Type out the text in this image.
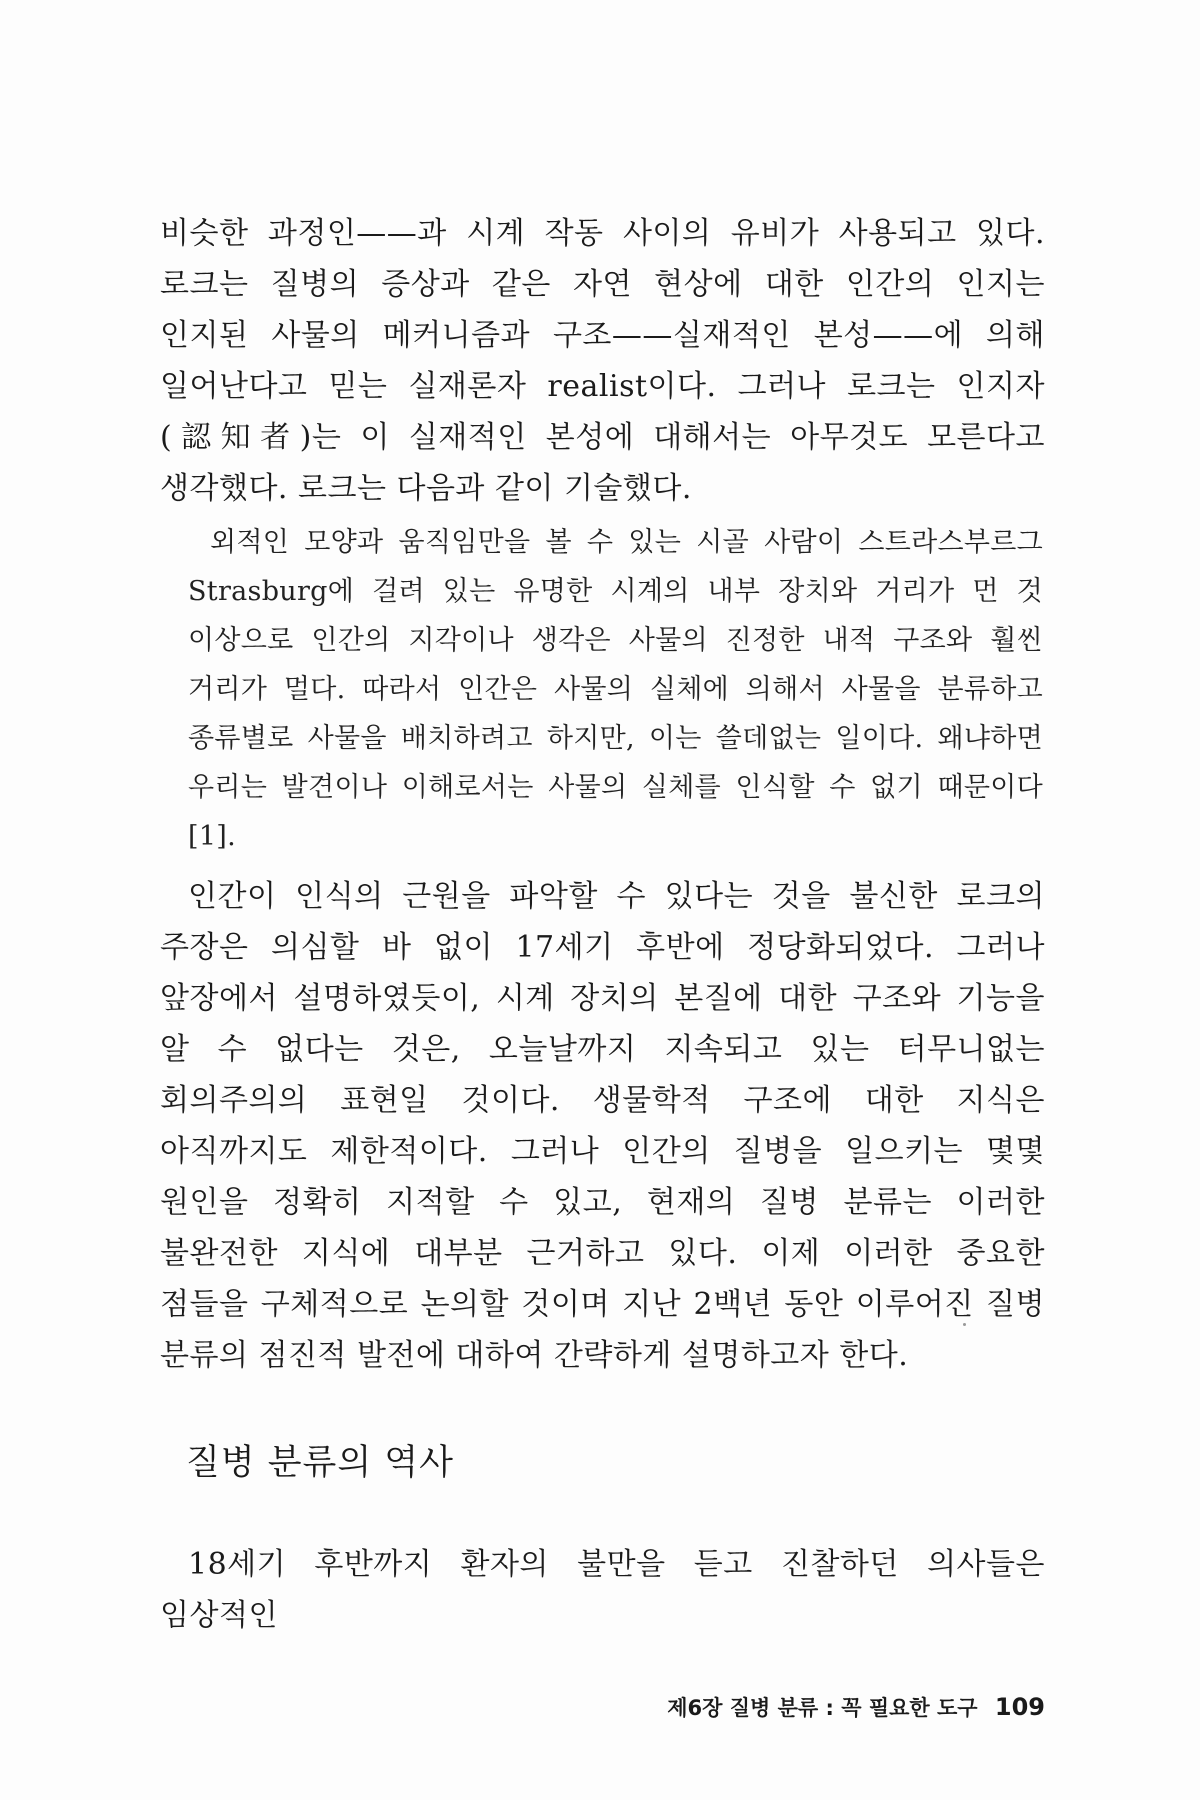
비슷한 과정인——과 시계 작동 사이의 유비가 사용되고 있다. 로크는 질병의 증상과 같은 자연 현상에 대한 인간의 인지는 인지된 사물의 메커니즘과 구조——실재적인 본성——에 의해 일어난다고 믿는 실재론자 realist이다. 그러나 로크는 인지자(認知者)는 이 실재적인 본성에 대해서는 아무것도 모른다고 생각했다. 로크는 다음과 같이 기술했다.

외적인 모양과 움직임만을 볼 수 있는 시골 사람이 스트라스부르그 Strasburg에 걸려 있는 유명한 시계의 내부 장치와 거리가 먼 것 이상으로 인간의 지각이나 생각은 사물의 진정한 내적 구조와 훨씬 거리가 멀다. 따라서 인간은 사물의 실체에 의해서 사물을 분류하고 종류별로 사물을 배치하려고 하지만, 이는 쓸데없는 일이다. 왜냐하면 우리는 발견이나 이해로서는 사물의 실체를 인식할 수 없기 때문이다[1].

인간이 인식의 근원을 파악할 수 있다는 것을 불신한 로크의 주장은 의심할 바 없이 17세기 후반에 정당화되었다. 그러나 앞장에서 설명하였듯이, 시계 장치의 본질에 대한 구조와 기능을 알 수 없다는 것은, 오늘날까지 지속되고 있는 터무니없는 회의주의의 표현일 것이다. 생물학적 구조에 대한 지식은 아직까지도 제한적이다. 그러나 인간의 질병을 일으키는 몇몇 원인을 정확히 지적할 수 있고, 현재의 질병 분류는 이러한 불완전한 지식에 대부분 근거하고 있다. 이제 이러한 중요한 점들을 구체적으로 논의할 것이며 지난 2백년 동안 이루어진 질병 분류의 점진적 발전에 대하여 간략하게 설명하고자 한다.

질병 분류의 역사

18세기 후반까지 환자의 불만을 듣고 진찰하던 의사들은 임상적인

제6장 질병 분류 : 꼭 필요한 도구 109
